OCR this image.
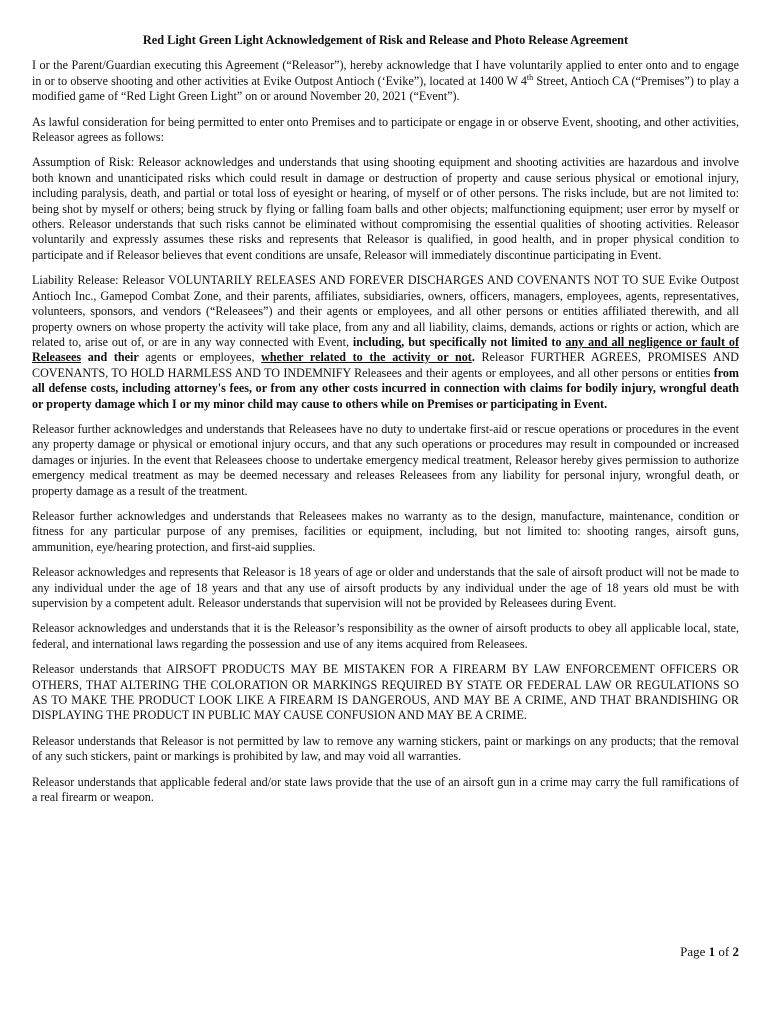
Red Light Green Light Acknowledgement of Risk and Release and Photo Release Agreement

I or the Parent/Guardian executing this Agreement (“Releasor”), hereby acknowledge that I have voluntarily applied to enter onto and to engage in or to observe shooting and other activities at Evike Outpost Antioch (‘Evike”), located at 1400 W 4th Street, Antioch CA (“Premises”) to play a modified game of “Red Light Green Light” on or around November 20, 2021 (“Event”).

As lawful consideration for being permitted to enter onto Premises and to participate or engage in or observe Event, shooting, and other activities, Releasor agrees as follows:

Assumption of Risk: Releasor acknowledges and understands that using shooting equipment and shooting activities are hazardous and involve both known and unanticipated risks which could result in damage or destruction of property and cause serious physical or emotional injury, including paralysis, death, and partial or total loss of eyesight or hearing, of myself or of other persons. The risks include, but are not limited to: being shot by myself or others; being struck by flying or falling foam balls and other objects; malfunctioning equipment; user error by myself or others. Releasor understands that such risks cannot be eliminated without compromising the essential qualities of shooting activities. Releasor voluntarily and expressly assumes these risks and represents that Releasor is qualified, in good health, and in proper physical condition to participate and if Releasor believes that event conditions are unsafe, Releasor will immediately discontinue participating in Event.

Liability Release: Releasor VOLUNTARILY RELEASES AND FOREVER DISCHARGES AND COVENANTS NOT TO SUE Evike Outpost Antioch Inc., Gamepod Combat Zone, and their parents, affiliates, subsidiaries, owners, officers, managers, employees, agents, representatives, volunteers, sponsors, and vendors (“Releasees”) and their agents or employees, and all other persons or entities affiliated therewith, and all property owners on whose property the activity will take place, from any and all liability, claims, demands, actions or rights or action, which are related to, arise out of, or are in any way connected with Event, including, but specifically not limited to any and all negligence or fault of Releasees and their agents or employees, whether related to the activity or not. Releasor FURTHER AGREES, PROMISES AND COVENANTS, TO HOLD HARMLESS AND TO INDEMNIFY Releasees and their agents or employees, and all other persons or entities from all defense costs, including attorney's fees, or from any other costs incurred in connection with claims for bodily injury, wrongful death or property damage which I or my minor child may cause to others while on Premises or participating in Event.

Releasor further acknowledges and understands that Releasees have no duty to undertake first-aid or rescue operations or procedures in the event any property damage or physical or emotional injury occurs, and that any such operations or procedures may result in compounded or increased damages or injuries. In the event that Releasees choose to undertake emergency medical treatment, Releasor hereby gives permission to authorize emergency medical treatment as may be deemed necessary and releases Releasees from any liability for personal injury, wrongful death, or property damage as a result of the treatment.

Releasor further acknowledges and understands that Releasees makes no warranty as to the design, manufacture, maintenance, condition or fitness for any particular purpose of any premises, facilities or equipment, including, but not limited to: shooting ranges, airsoft guns, ammunition, eye/hearing protection, and first-aid supplies.

Releasor acknowledges and represents that Releasor is 18 years of age or older and understands that the sale of airsoft product will not be made to any individual under the age of 18 years and that any use of airsoft products by any individual under the age of 18 years old must be with supervision by a competent adult. Releasor understands that supervision will not be provided by Releasees during Event.

Releasor acknowledges and understands that it is the Releasor’s responsibility as the owner of airsoft products to obey all applicable local, state, federal, and international laws regarding the possession and use of any items acquired from Releasees.

Releasor understands that AIRSOFT PRODUCTS MAY BE MISTAKEN FOR A FIREARM BY LAW ENFORCEMENT OFFICERS OR OTHERS, THAT ALTERING THE COLORATION OR MARKINGS REQUIRED BY STATE OR FEDERAL LAW OR REGULATIONS SO AS TO MAKE THE PRODUCT LOOK LIKE A FIREARM IS DANGEROUS, AND MAY BE A CRIME, AND THAT BRANDISHING OR DISPLAYING THE PRODUCT IN PUBLIC MAY CAUSE CONFUSION AND MAY BE A CRIME.

Releasor understands that Releasor is not permitted by law to remove any warning stickers, paint or markings on any products; that the removal of any such stickers, paint or markings is prohibited by law, and may void all warranties.

Releasor understands that applicable federal and/or state laws provide that the use of an airsoft gun in a crime may carry the full ramifications of a real firearm or weapon.

Page 1 of 2
